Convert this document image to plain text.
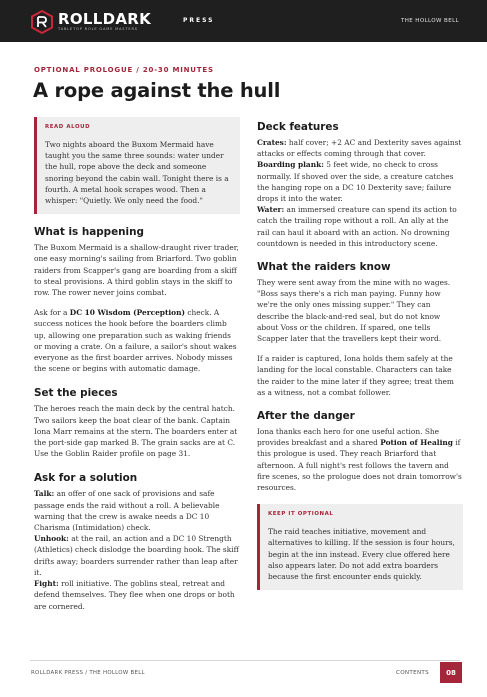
ROLLDARK
TABLETOP ROLE GAME MASTERS
PRESS	THE HOLLOW BELL
OPTIONAL PROLOGUE / 20-30 MINUTES
A rope against the hull
READ ALOUD
Two nights aboard the Buxom Mermaid have taught you the same three sounds: water under the hull, rope above the deck and someone snoring beyond the cabin wall. Tonight there is a fourth. A metal hook scrapes wood. Then a whisper: "Quietly. We only need the food."
What is happening

The Buxom Mermaid is a shallow-draught river trader, one easy morning's sailing from Briarford. Two goblin raiders from Scapper's gang are boarding from a skiff to steal provisions. A third goblin stays in the skiff to row. The rower never joins combat.

Ask for a DC 10 Wisdom (Perception) check. A success notices the hook before the boarders climb up, allowing one preparation such as waking friends or moving a crate. On a failure, a sailor's shout wakes everyone as the first boarder arrives. Nobody misses the scene or begins with automatic damage.

Set the pieces

The heroes reach the main deck by the central hatch. Two sailors keep the boat clear of the bank. Captain Iona Marr remains at the stern. The boarders enter at the port-side gap marked B. The grain sacks are at C. Use the Goblin Raider profile on page 31.

Ask for a solution

Talk: an offer of one sack of provisions and safe passage ends the raid without a roll. A believable warning that the crew is awake needs a DC 10 Charisma (Intimidation) check.

Unhook: at the rail, an action and a DC 10 Strength (Athletics) check dislodge the boarding hook. The skiff drifts away; boarders surrender rather than leap after it.

Fight: roll initiative. The goblins steal, retreat and defend themselves. They flee when one drops or both are cornered.

Deck features

Crates: half cover; +2 AC and Dexterity saves against attacks or effects coming through that cover.

Boarding plank: 5 feet wide, no check to cross normally. If shoved over the side, a creature catches the hanging rope on a DC 10 Dexterity save; failure drops it into the water.

Water: an immersed creature can spend its action to catch the trailing rope without a roll. An ally at the rail can haul it aboard with an action. No drowning countdown is needed in this introductory scene.

What the raiders know

They were sent away from the mine with no wages. "Boss says there's a rich man paying. Funny how we're the only ones missing supper." They can describe the black-and-red seal, but do not know about Voss or the children. If spared, one tells Scapper later that the travellers kept their word.

If a raider is captured, Iona holds them safely at the landing for the local constable. Characters can take the raider to the mine later if they agree; treat them as a witness, not a combat follower.

After the danger

Iona thanks each hero for one useful action. She provides breakfast and a shared Potion of Healing if this prologue is used. They reach Briarford that afternoon. A full night's rest follows the tavern and fire scenes, so the prologue does not drain tomorrow's resources.

KEEP IT OPTIONAL
The raid teaches initiative, movement and alternatives to killing. If the session is four hours, begin at the inn instead. Every clue offered here also appears later. Do not add extra boarders because the first encounter ends quickly.
ROLLDARK PRESS / THE HOLLOW BELL	CONTENTS	08
